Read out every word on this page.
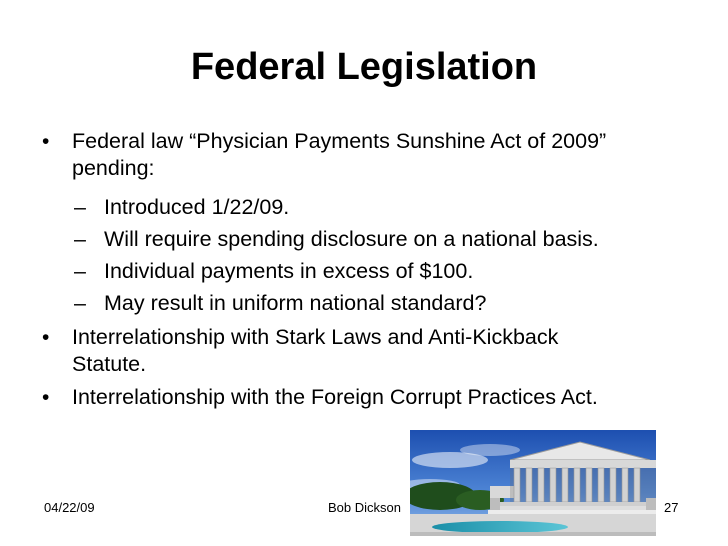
Federal Legislation
• Federal law “Physician Payments Sunshine Act of 2009”
pending:
– Introduced 1/22/09.
– Will require spending disclosure on a national basis.
– Individual payments in excess of $100.
– May result in uniform national standard?
• Interrelationship with Stark Laws and Anti-Kickback
Statute.
• Interrelationship with the Foreign Corrupt Practices Act.
04/22/09	Bob Dickson	27
